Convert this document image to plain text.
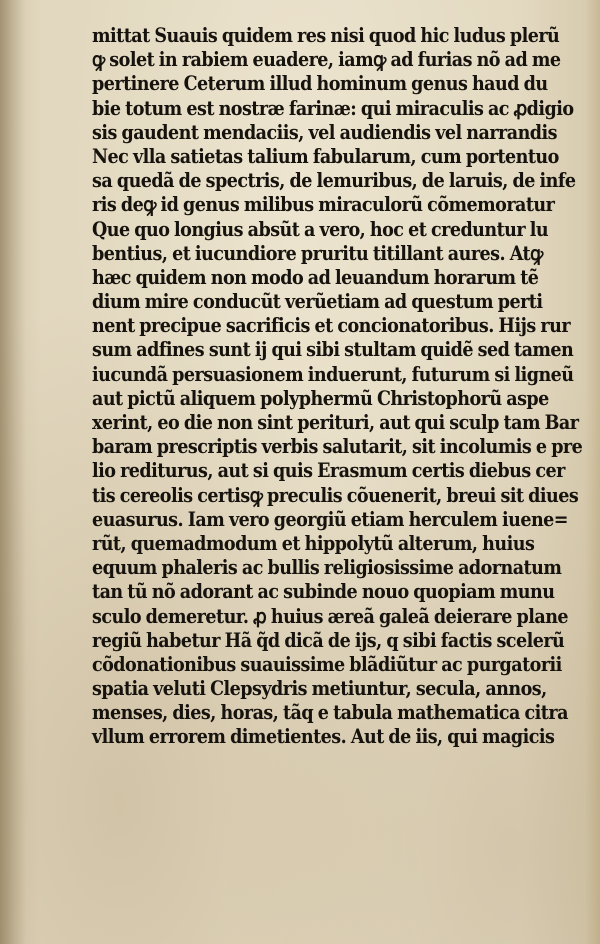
mittat Suauis quidem res nisi quod hic ludus plerũ
ꝙ solet in rabiem euadere, iamꝙ ad furias nõ ad me
pertinere Ceterum illud hominum genus haud du
bie totum est nostræ farinæ: qui miraculis ac ꝓdigio
sis gaudent mendaciis, vel audiendis vel narrandis
Nec vlla satietas talium fabularum, cum portentuo
sa quedã de spectris, de lemuribus, de laruis, de infe
ris deꝙ id genus milibus miraculorũ cõmemoratur
Que quo longius absũt a vero, hoc et creduntur lu
bentius, et iucundiore pruritu titillant aures. Atꝙ
hæc quidem non modo ad leuandum horarum tẽ
dium mire conducũt verũetiam ad questum perti
nent precipue sacrificis et concionatoribus. Hijs rur
sum adfines sunt ij qui sibi stultam quidẽ sed tamen
iucundã persuasionem induerunt, futurum si ligneũ
aut pictũ aliquem polyphermũ Christophorũ aspe
xerint, eo die non sint perituri, aut qui sculp tam Bar
baram prescriptis verbis salutarit, sit incolumis e pre
lio rediturus, aut si quis Erasmum certis diebus cer
tis cereolis certisꝙ preculis cõuenerit, breui sit diues
euasurus. Iam vero georgiũ etiam herculem iuene=
rũt, quemadmodum et hippolytũ alterum, huius
equum phaleris ac bullis religiosissime adornatum
tan tũ nõ adorant ac subinde nouo quopiam munu
sculo demeretur. ꝓ huius æreã galeã deierare plane
regiũ habetur Hã q̃d dicã de ijs, q sibi factis scelerũ
cõdonationibus suauissime blãdiũtur ac purgatorii
spatia veluti Clepsydris metiuntur, secula, annos,
menses, dies, horas, tãq e tabula mathematica citra
vllum errorem dimetientes. Aut de iis, qui magicis
